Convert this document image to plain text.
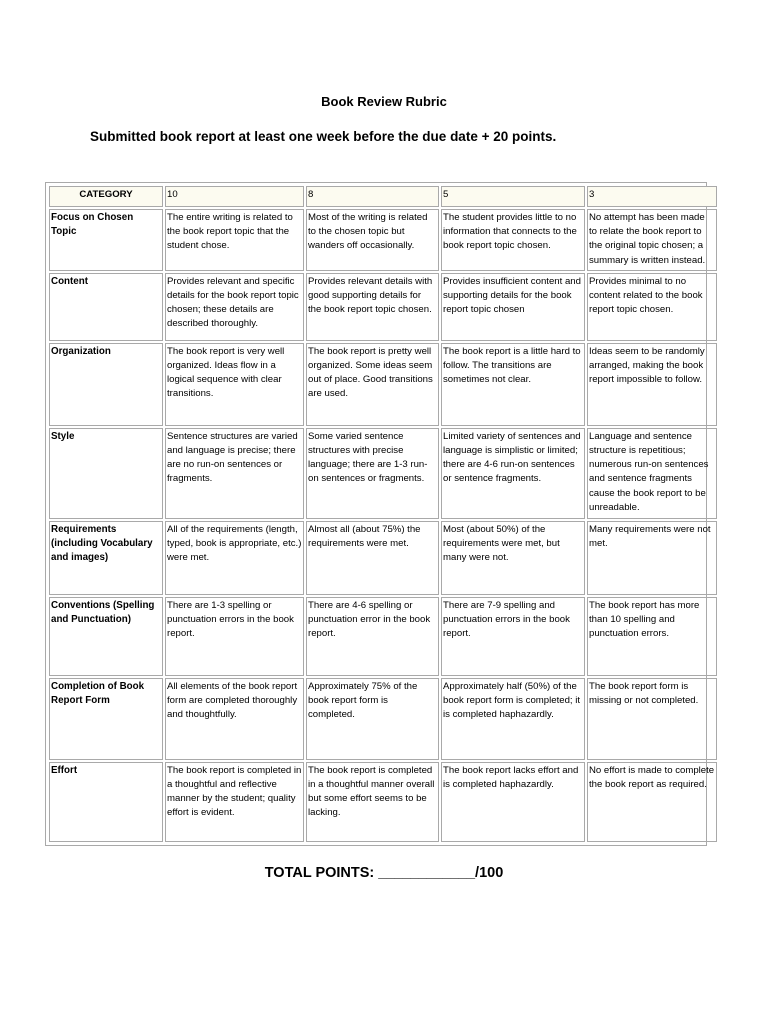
Book Review Rubric
Submitted book report at least one week before the due date + 20 points.
CATEGORY	10	8	5	3
Focus on Chosen Topic	The entire writing is related to the book report topic that the student chose.	Most of the writing is related to the chosen topic but wanders off occasionally.	The student provides little to no information that connects to the book report topic chosen.	No attempt has been made to relate the book report to the original topic chosen; a summary is written instead.
Content	Provides relevant and specific details for the book report topic chosen; these details are described thoroughly.	Provides relevant details with good supporting details for the book report topic chosen.	Provides insufficient content and supporting details for the book report topic chosen	Provides minimal to no content related to the book report topic chosen.
Organization	The book report is very well organized. Ideas flow in a logical sequence with clear transitions.	The book report is pretty well organized. Some ideas seem out of place. Good transitions are used.	The book report is a little hard to follow. The transitions are sometimes not clear.	Ideas seem to be randomly arranged, making the book report impossible to follow.
Style	Sentence structures are varied and language is precise; there are no run-on sentences or fragments.	Some varied sentence structures with precise language; there are 1-3 run-on sentences or fragments.	Limited variety of sentences and language is simplistic or limited; there are 4-6 run-on sentences or sentence fragments.	Language and sentence structure is repetitious; numerous run-on sentences and sentence fragments cause the book report to be unreadable.
Requirements (including Vocabulary and images)	All of the requirements (length, typed, book is appropriate, etc.) were met.	Almost all (about 75%) the requirements were met.	Most (about 50%) of the requirements were met, but many were not.	Many requirements were not met.
Conventions (Spelling and Punctuation)	There are 1-3 spelling or punctuation errors in the book report.	There are 4-6 spelling or punctuation error in the book report.	There are 7-9 spelling and punctuation errors in the book report.	The book report has more than 10 spelling and punctuation errors.
Completion of Book Report Form	All elements of the book report form are completed thoroughly and thoughtfully.	Approximately 75% of the book report form is completed.	Approximately half (50%) of the book report form is completed; it is completed haphazardly.	The book report form is missing or not completed.
Effort	The book report is completed in a thoughtful and reflective manner by the student; quality effort is evident.	The book report is completed in a thoughtful manner overall but some effort seems to be lacking.	The book report lacks effort and is completed haphazardly.	No effort is made to complete the book report as required.
TOTAL POINTS: ____________/100
